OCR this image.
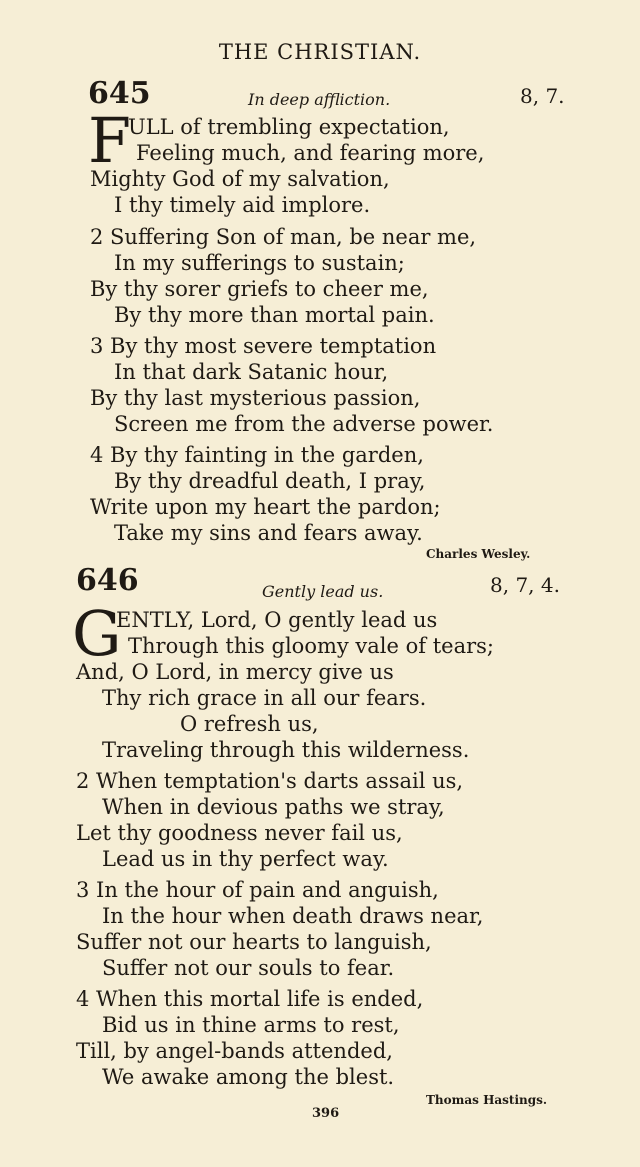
THE CHRISTIAN.
645	In deep affliction.	8, 7.
F
ULL of trembling expectation,
Feeling much, and fearing more,
Mighty God of my salvation,
I thy timely aid implore.
2 Suffering Son of man, be near me,
In my sufferings to sustain;
By thy sorer griefs to cheer me,
By thy more than mortal pain.
3 By thy most severe temptation
In that dark Satanic hour,
By thy last mysterious passion,
Screen me from the adverse power.
4 By thy fainting in the garden,
By thy dreadful death, I pray,
Write upon my heart the pardon;
Take my sins and fears away.
Charles Wesley.
646	Gently lead us.	8, 7, 4.
G
ENTLY, Lord, O gently lead us
Through this gloomy vale of tears;
And, O Lord, in mercy give us
Thy rich grace in all our fears.
O refresh us,
Traveling through this wilderness.
2 When temptation's darts assail us,
When in devious paths we stray,
Let thy goodness never fail us,
Lead us in thy perfect way.
3 In the hour of pain and anguish,
In the hour when death draws near,
Suffer not our hearts to languish,
Suffer not our souls to fear.
4 When this mortal life is ended,
Bid us in thine arms to rest,
Till, by angel-bands attended,
We awake among the blest.
Thomas Hastings.
396
